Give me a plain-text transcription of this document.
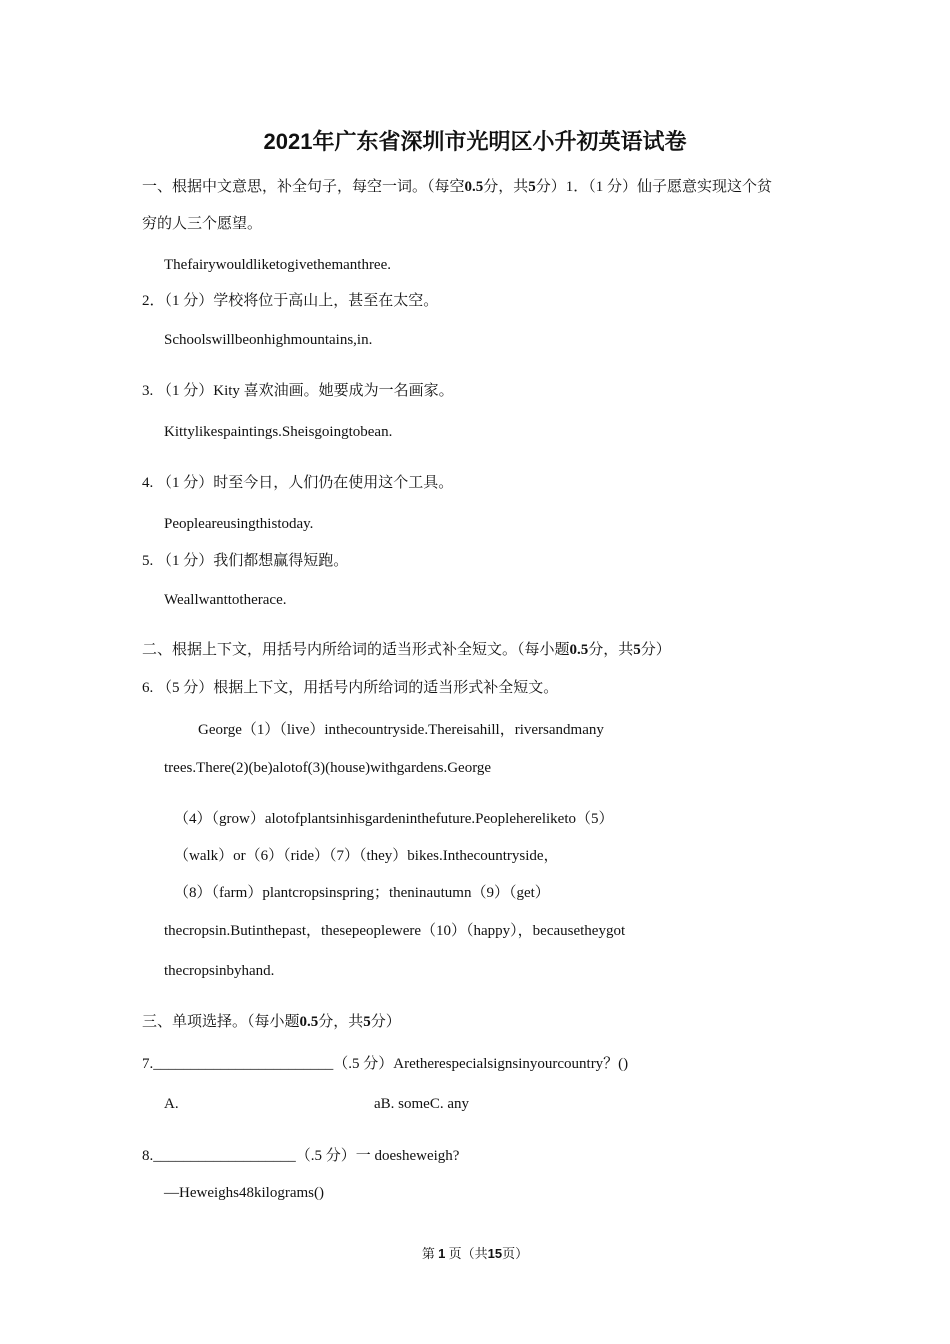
2021年广东省深圳市光明区小升初英语试卷
一、根据中文意思，补全句子，每空一词。（每空0.5分，共5分）1．（1 分）仙子愿意实现这个贫
穷的人三个愿望。
Thefairywouldliketogivethemanthree.
2．（1 分）学校将位于高山上，甚至在太空。
Schoolswillbeonhighmountains,in.
3. （1 分）Kity 喜欢油画。她要成为一名画家。
Kittylikespaintings.Sheisgoingtobean.
4. （1 分）时至今日，人们仍在使用这个工具。
Peopleareusingthistoday.
5. （1 分）我们都想赢得短跑。
Weallwanttotherace.
二、根据上下文，用括号内所给词的适当形式补全短文。（每小题0.5分，共5分）
6. （5 分）根据上下文，用括号内所给词的适当形式补全短文。
George（1）（live）inthecountryside.Thereisahill，riversandmany
trees.There(2)(be)alotof(3)(house)withgardens.George
（4）（grow）alotofplantsinhisgardeninthefuture.Peoplehereliketo（5）
（walk）or（6）（ride）（7）（they）bikes.Inthecountryside，
（8）（farm）plantcropsinspring；theninautumn（9）（get）
thecropsin.Butinthepast，thesepeoplewere（10）（happy），becausetheygot
thecropsinbyhand.
三、单项选择。（每小题0.5分，共5分）
7.________________________（.5 分）Aretherespecialsignsinyourcountry？()
A.	aB. someC. any
8.___________________（.5 分）一 doesheweigh?
—Heweighs48kilograms()
第 1 页（共15页）
